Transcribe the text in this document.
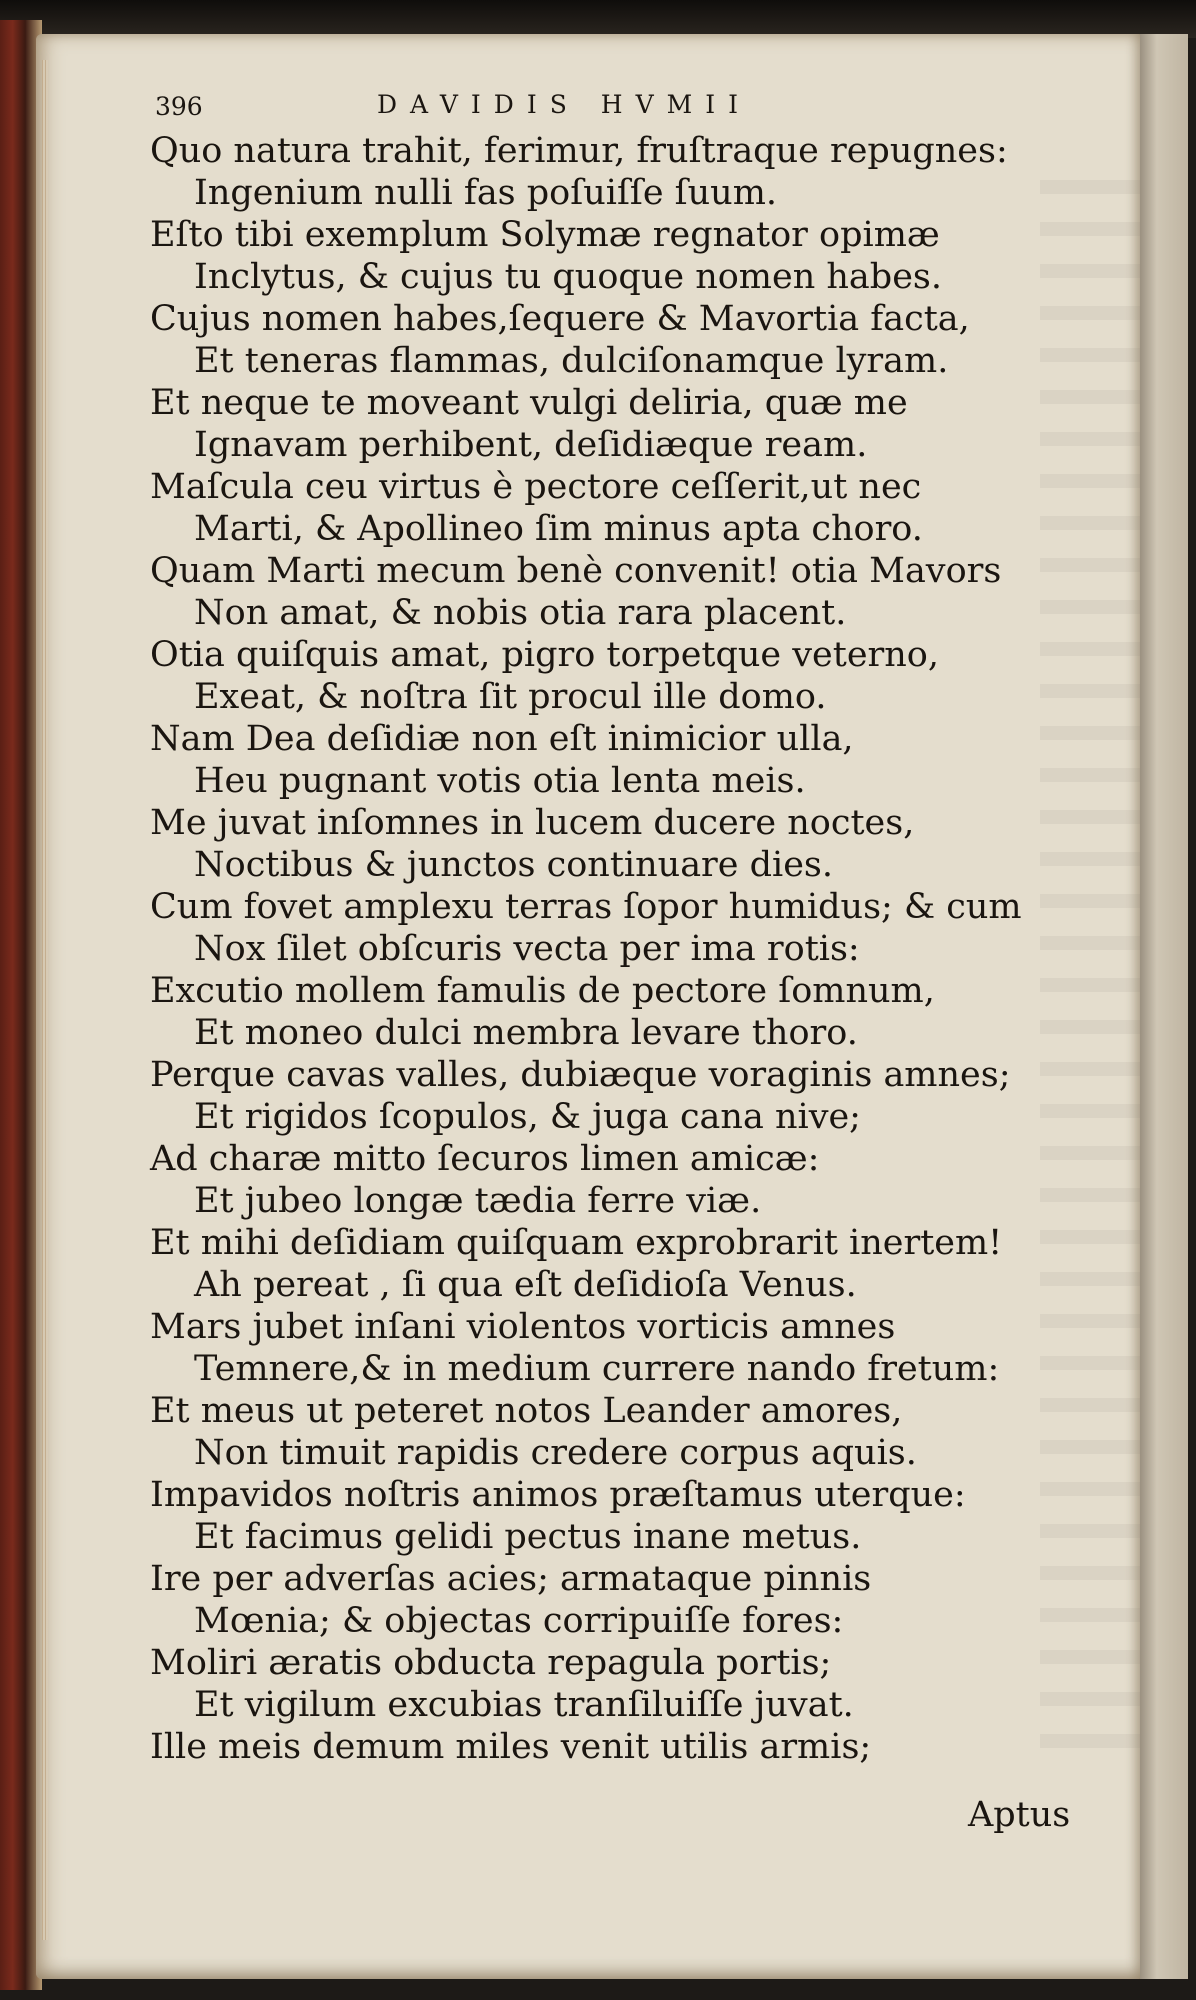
396	DAVIDIS HVMII
Quo natura trahit, ferimur, fruſtraque repugnes:
Ingenium nulli fas poſuiſſe ſuum.
Eſto tibi exemplum Solymæ regnator opimæ
Inclytus, & cujus tu quoque nomen habes.
Cujus nomen habes,ſequere & Mavortia facta,
Et teneras flammas, dulciſonamque lyram.
Et neque te moveant vulgi deliria, quæ me
Ignavam perhibent, deſidiæque ream.
Maſcula ceu virtus è pectore ceſſerit,ut nec
Marti, & Apollineo ſim minus apta choro.
Quam Marti mecum benè convenit! otia Mavors
Non amat, & nobis otia rara placent.
Otia quiſquis amat, pigro torpetque veterno,
Exeat, & noſtra ſit procul ille domo.
Nam Dea deſidiæ non eſt inimicior ulla,
Heu pugnant votis otia lenta meis.
Me juvat inſomnes in lucem ducere noctes,
Noctibus & junctos continuare dies.
Cum fovet amplexu terras ſopor humidus; & cum
Nox ſilet obſcuris vecta per ima rotis:
Excutio mollem famulis de pectore ſomnum,
Et moneo dulci membra levare thoro.
Perque cavas valles, dubiæque voraginis amnes;
Et rigidos ſcopulos, & juga cana nive;
Ad charæ mitto ſecuros limen amicæ:
Et jubeo longæ tædia ferre viæ.
Et mihi deſidiam quiſquam exprobrarit inertem!
Ah pereat , ſi qua eſt deſidioſa Venus.
Mars jubet inſani violentos vorticis amnes
Temnere,& in medium currere nando fretum:
Et meus ut peteret notos Leander amores,
Non timuit rapidis credere corpus aquis.
Impavidos noſtris animos præſtamus uterque:
Et facimus gelidi pectus inane metus.
Ire per adverſas acies; armataque pinnis
Mœnia; & objectas corripuiſſe fores:
Moliri æratis obducta repagula portis;
Et vigilum excubias tranſiluiſſe juvat.
Ille meis demum miles venit utilis armis;
Aptus
